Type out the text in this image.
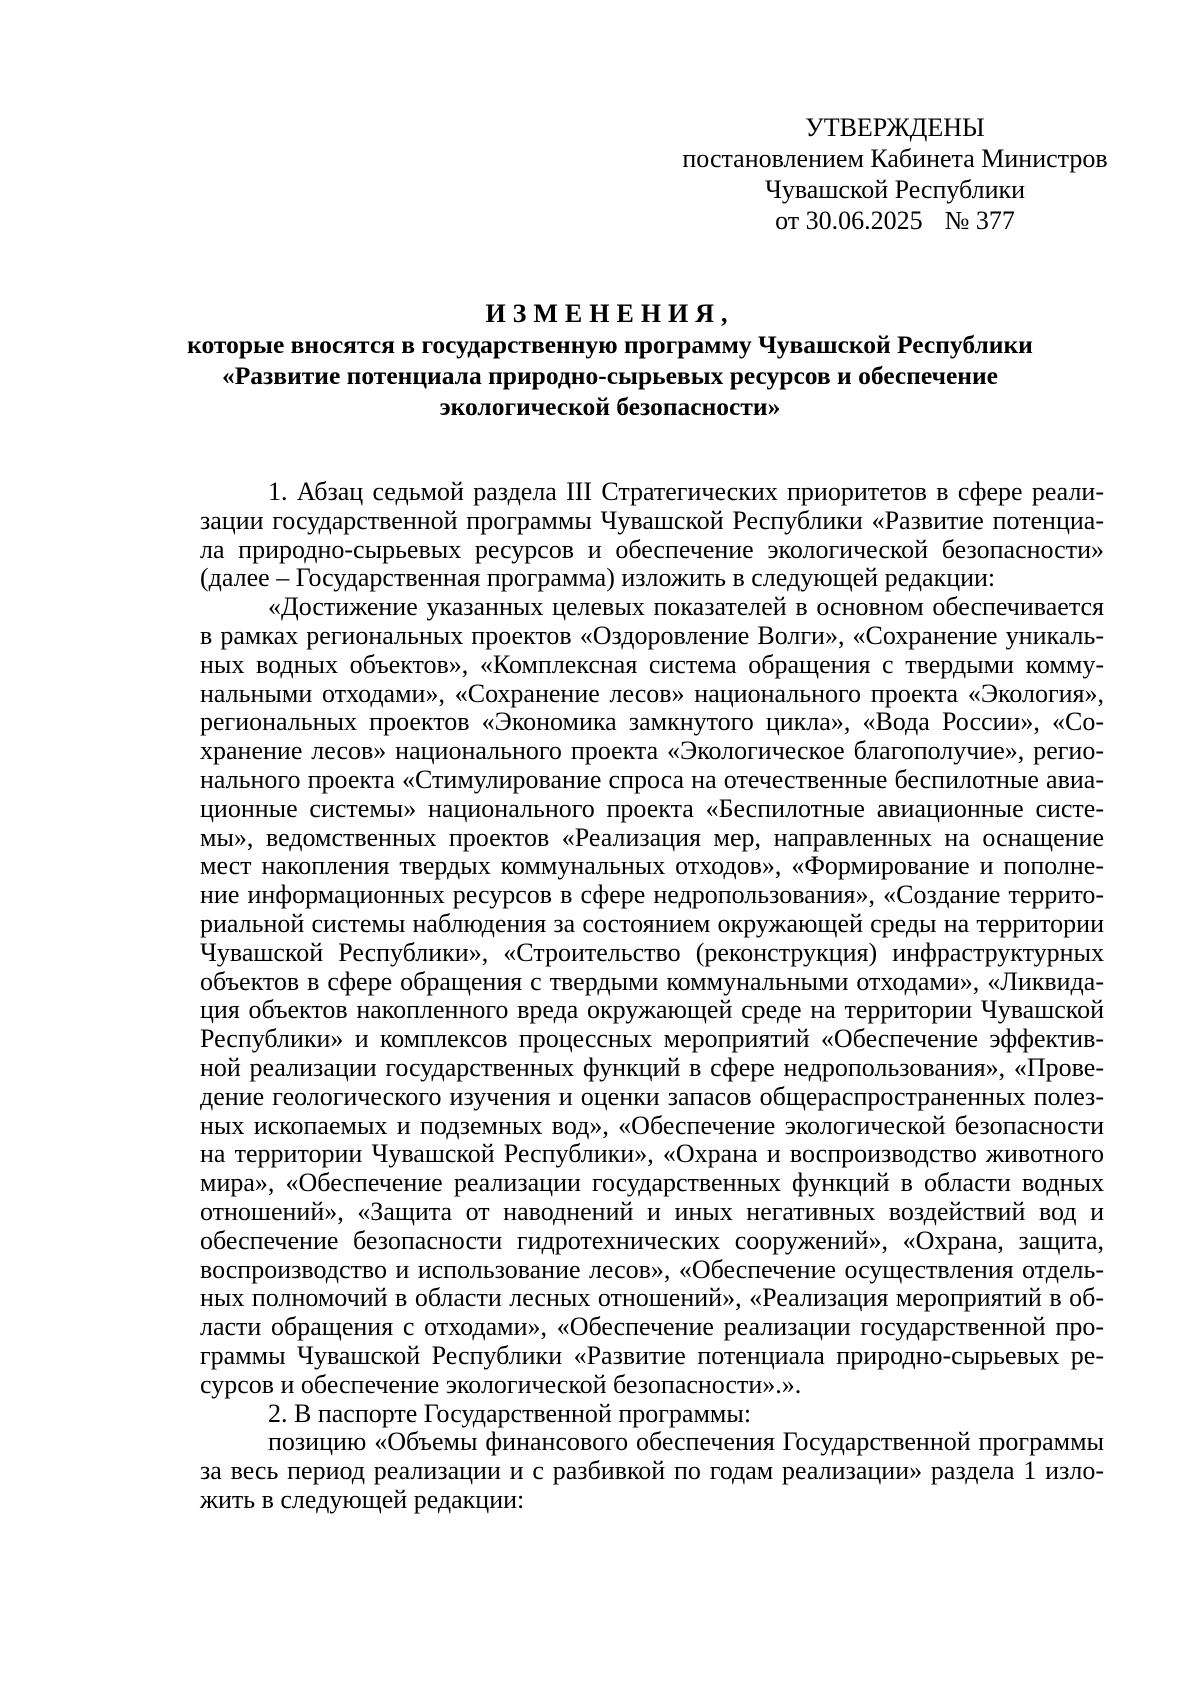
УТВЕРЖДЕНЫ
постановлением Кабинета Министров
Чувашской Республики
от 30.06.2025 № 377
ИЗМЕНЕНИЯ,
которые вносятся в государственную программу Чувашской Республики
«Развитие потенциала природно-сырьевых ресурсов и обеспечение
экологической безопасности»

1. Абзац седьмой раздела III Стратегических приоритетов в сфере реали-
зации государственной программы Чувашской Республики «Развитие потенциа-
ла природно-сырьевых ресурсов и обеспечение экологической безопасности»
(далее – Государственная программа) изложить в следующей редакции:

«Достижение указанных целевых показателей в основном обеспечивается
в рамках региональных проектов «Оздоровление Волги», «Сохранение уникаль-
ных водных объектов», «Комплексная система обращения с твердыми комму-
нальными отходами», «Сохранение лесов» национального проекта «Экология»,
региональных проектов «Экономика замкнутого цикла», «Вода России», «Со-
хранение лесов» национального проекта «Экологическое благополучие», регио-
нального проекта «Стимулирование спроса на отечественные беспилотные авиа-
ционные системы» национального проекта «Беспилотные авиационные систе-
мы», ведомственных проектов «Реализация мер, направленных на оснащение
мест накопления твердых коммунальных отходов», «Формирование и пополне-
ние информационных ресурсов в сфере недропользования», «Создание террито-
риальной системы наблюдения за состоянием окружающей среды на территории
Чувашской Республики», «Строительство (реконструкция) инфраструктурных
объектов в сфере обращения с твердыми коммунальными отходами», «Ликвида-
ция объектов накопленного вреда окружающей среде на территории Чувашской
Республики» и комплексов процессных мероприятий «Обеспечение эффектив-
ной реализации государственных функций в сфере недропользования», «Прове-
дение геологического изучения и оценки запасов общераспространенных полез-
ных ископаемых и подземных вод», «Обеспечение экологической безопасности
на территории Чувашской Республики», «Охрана и воспроизводство животного
мира», «Обеспечение реализации государственных функций в области водных
отношений», «Защита от наводнений и иных негативных воздействий вод и
обеспечение безопасности гидротехнических сооружений», «Охрана, защита,
воспроизводство и использование лесов», «Обеспечение осуществления отдель-
ных полномочий в области лесных отношений», «Реализация мероприятий в об-
ласти обращения с отходами», «Обеспечение реализации государственной про-
граммы Чувашской Республики «Развитие потенциала природно-сырьевых ре-
сурсов и обеспечение экологической безопасности».».

2. В паспорте Государственной программы:

позицию «Объемы финансового обеспечения Государственной программы
за весь период реализации и с разбивкой по годам реализации» раздела 1 изло-
жить в следующей редакции:
